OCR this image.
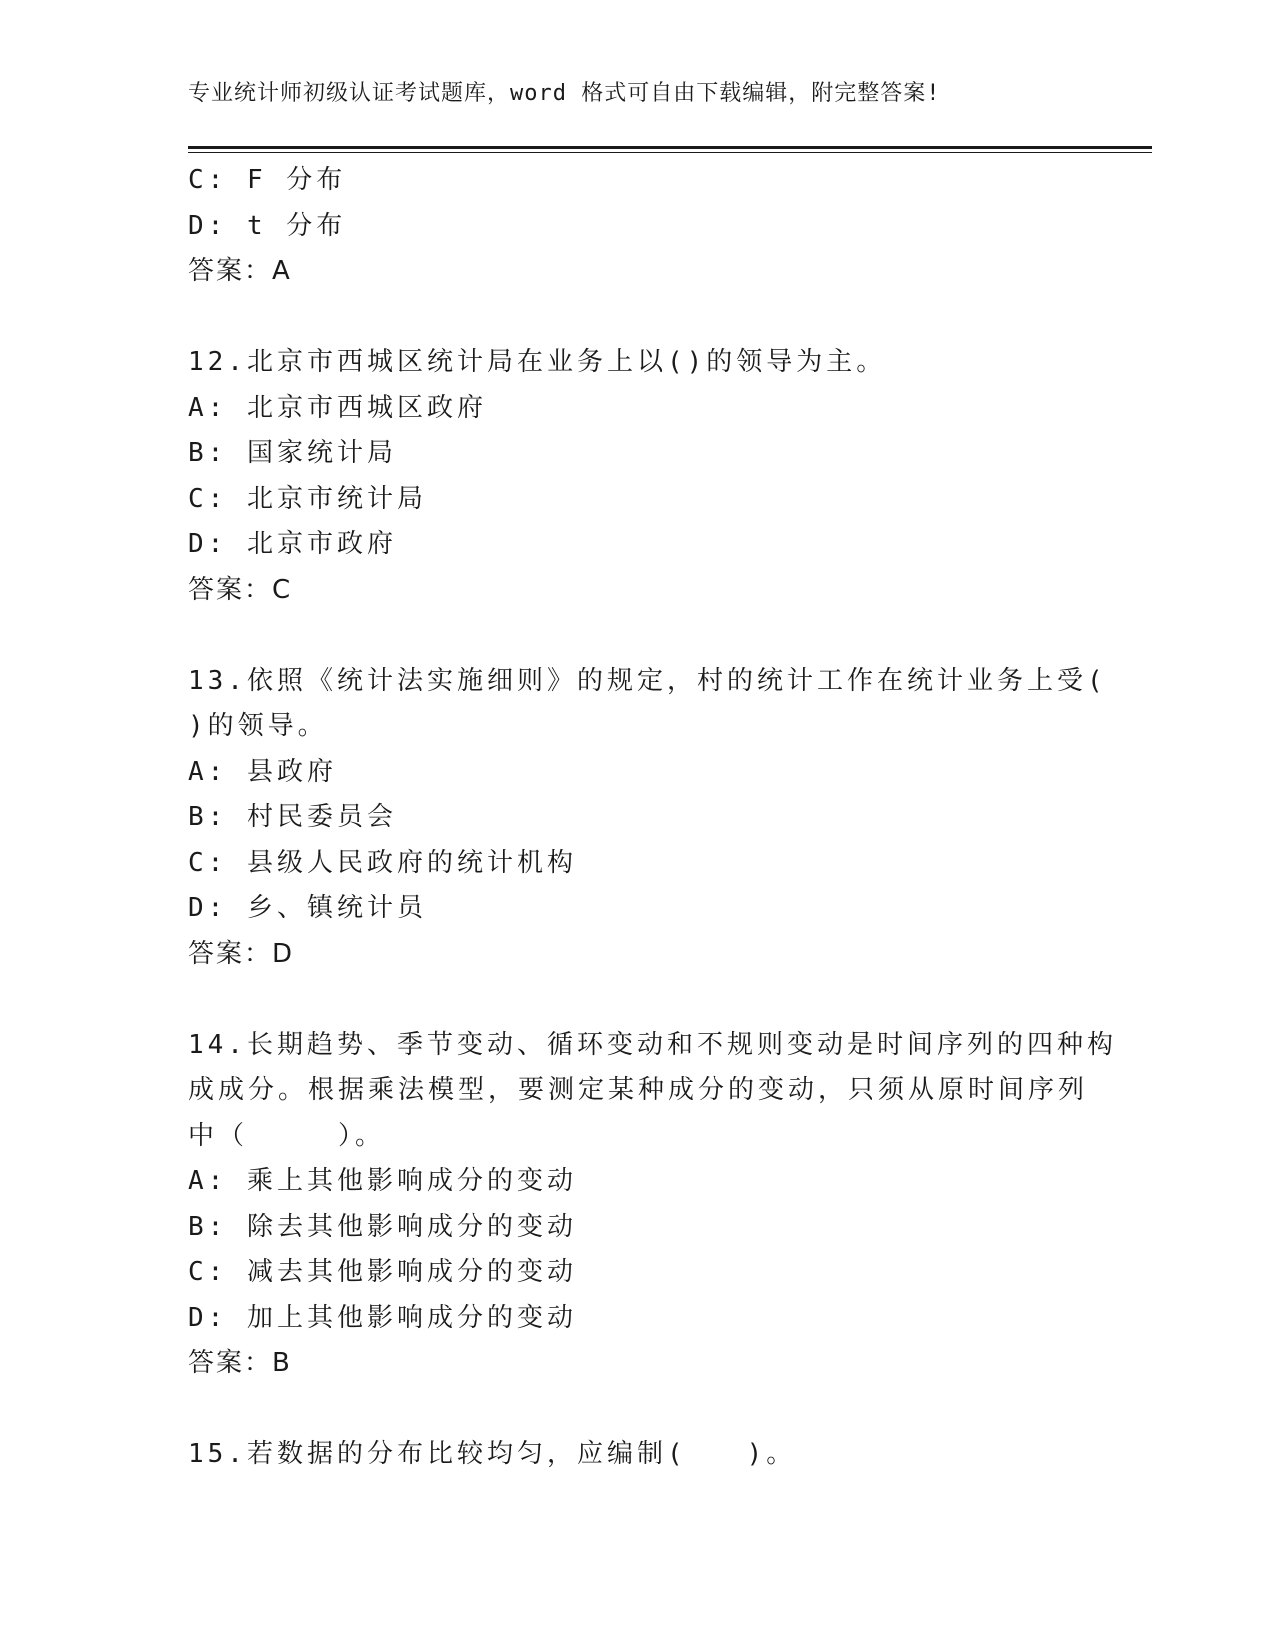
专业统计师初级认证考试题库，word 格式可自由下载编辑，附完整答案!
C: F 分布
D: t 分布
答案：A
12.北京市西城区统计局在业务上以()的领导为主。
A: 北京市西城区政府
B: 国家统计局
C: 北京市统计局
D: 北京市政府
答案：C
13.依照《统计法实施细则》的规定，村的统计工作在统计业务上受(
)的领导。
A: 县政府
B: 村民委员会
C: 县级人民政府的统计机构
D: 乡、镇统计员
答案：D
14.长期趋势、季节变动、循环变动和不规则变动是时间序列的四种构
成成分。根据乘法模型，要测定某种成分的变动，只须从原时间序列
中（　　　）。
A: 乘上其他影响成分的变动
B: 除去其他影响成分的变动
C: 减去其他影响成分的变动
D: 加上其他影响成分的变动
答案：B
15.若数据的分布比较均匀，应编制(　　)。
